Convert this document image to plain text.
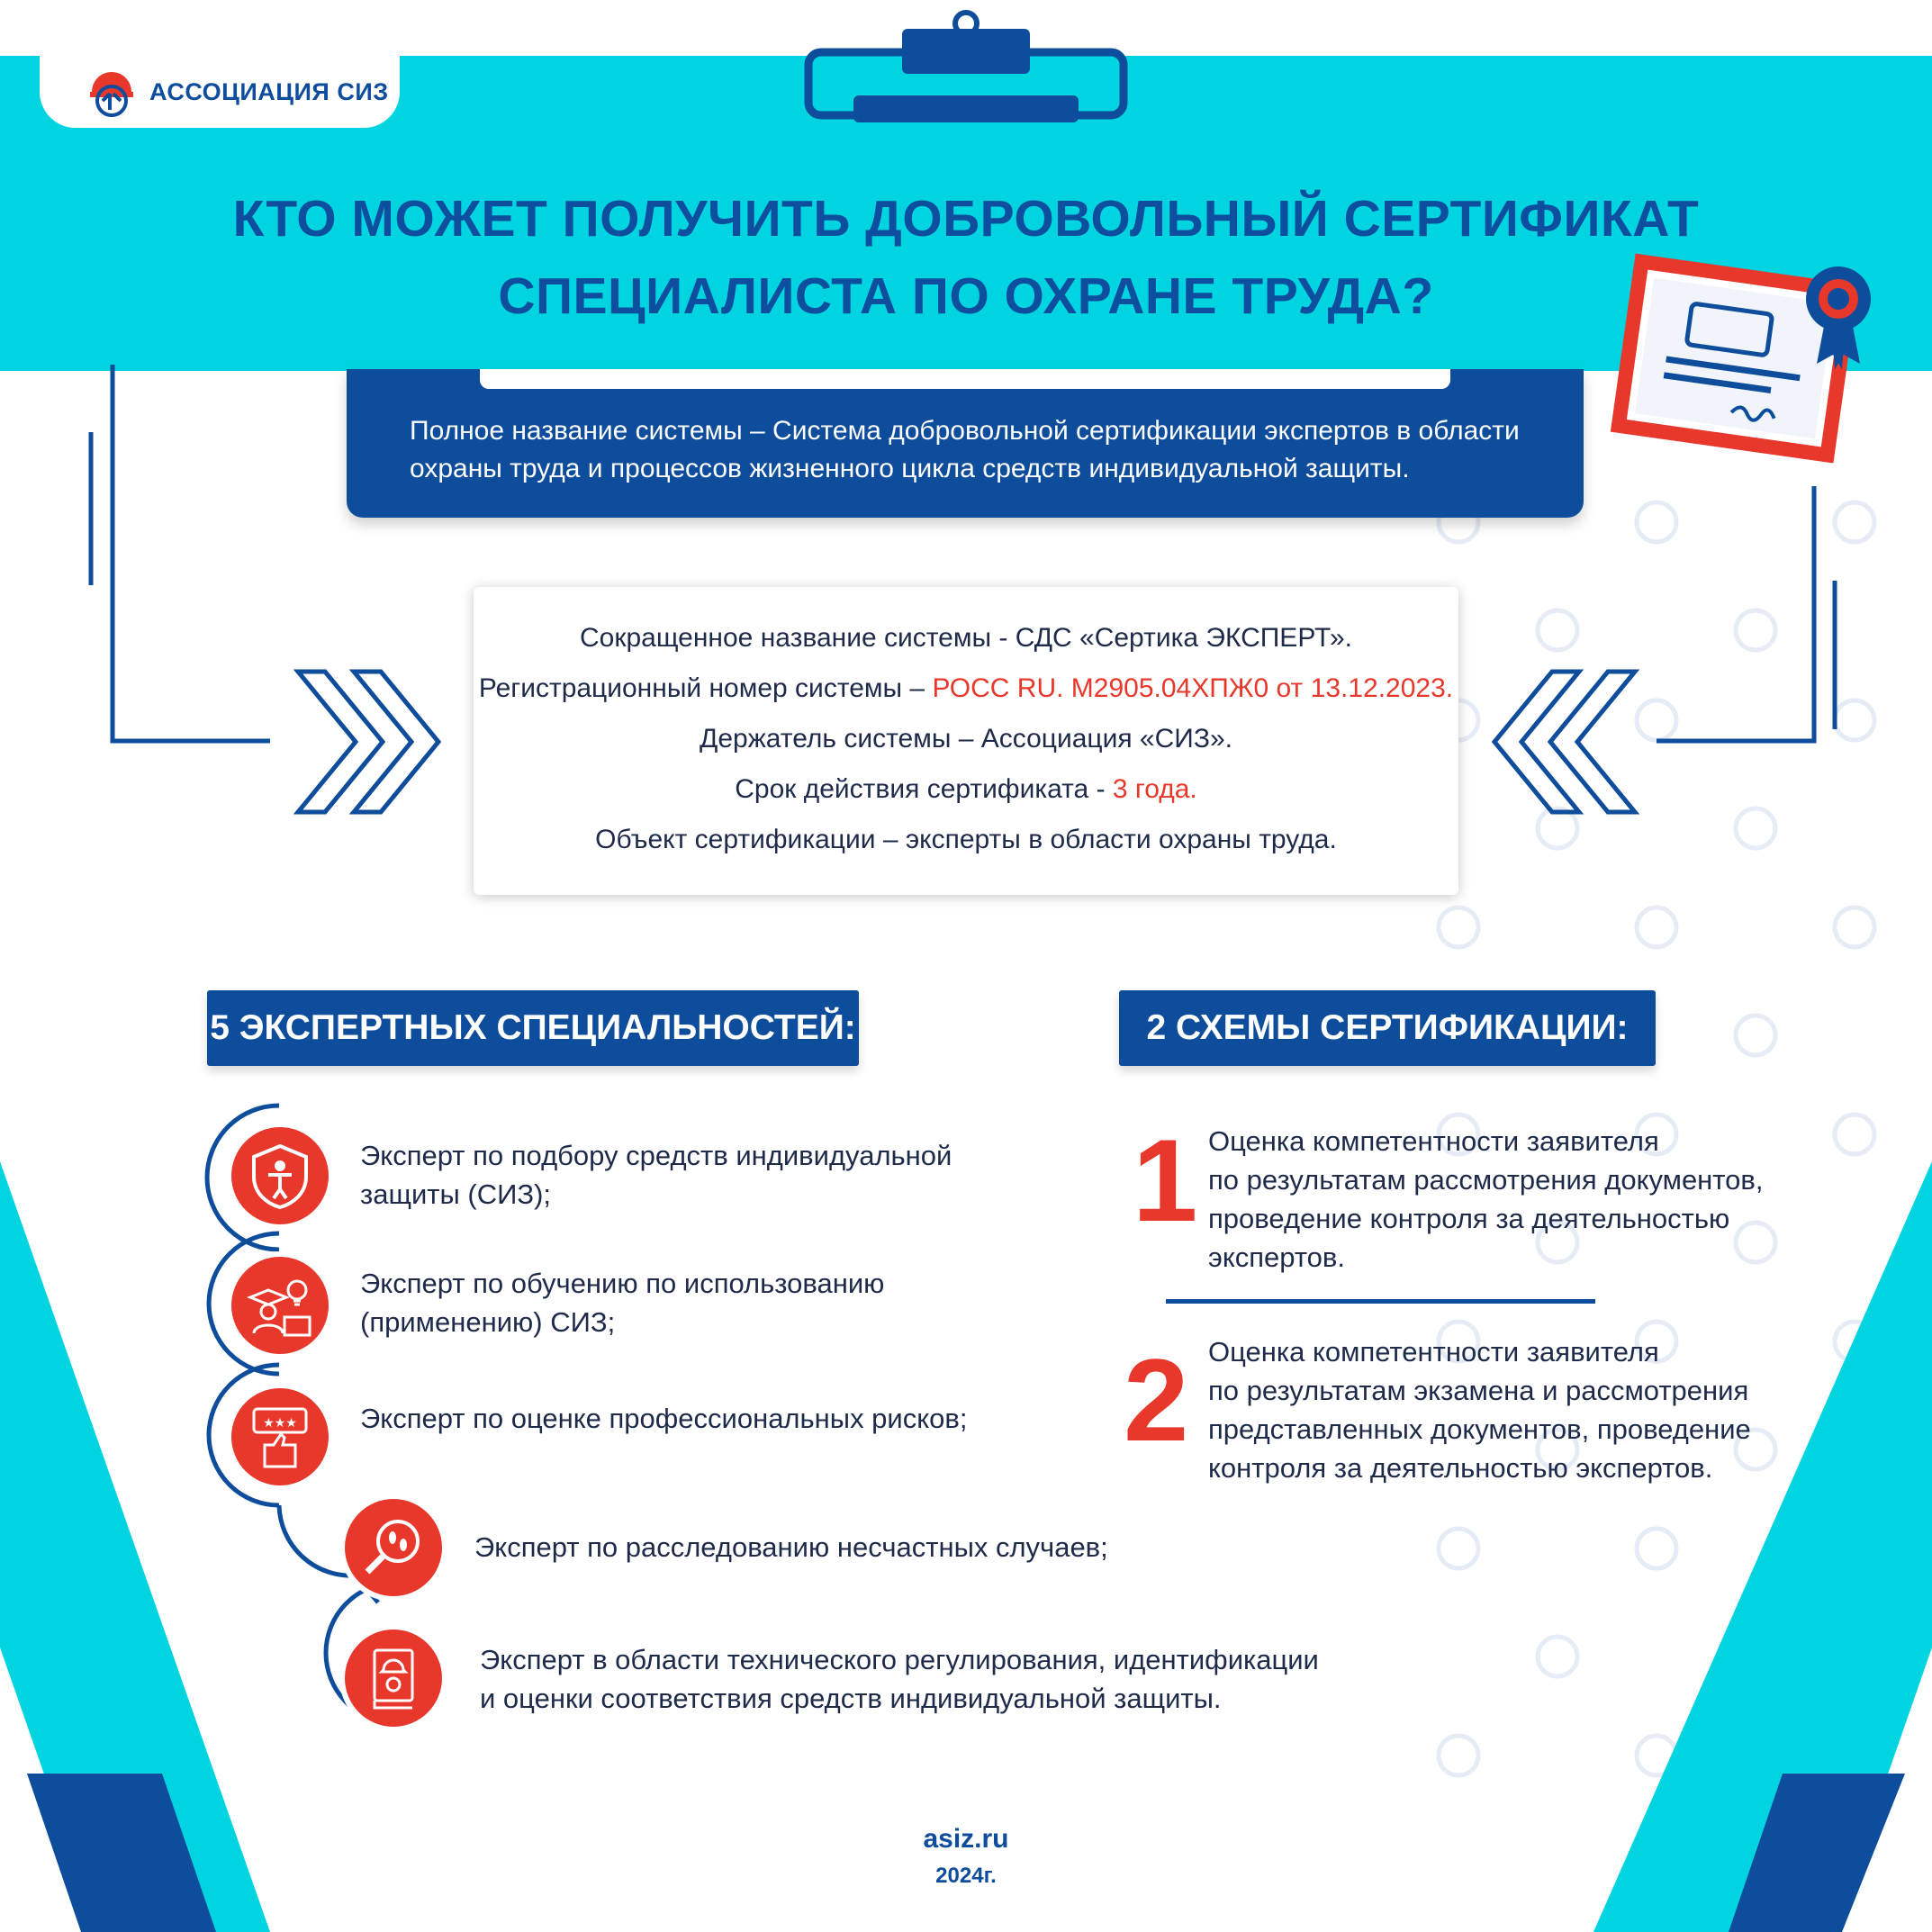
АССОЦИАЦИЯ СИЗ
КТО МОЖЕТ ПОЛУЧИТЬ ДОБРОВОЛЬНЫЙ СЕРТИФИКАТ
СПЕЦИАЛИСТА ПО ОХРАНЕ ТРУДА?
Полное название системы – Система добровольной сертификации экспертов в области
охраны труда и процессов жизненного цикла средств индивидуальной защиты.
Сокращенное название системы - СДС «Сертика ЭКСПЕРТ».
Регистрационный номер системы – РОСС RU. М2905.04ХПЖ0 от 13.12.2023.
Держатель системы – Ассоциация «СИЗ».
Срок действия сертификата - 3 года.
Объект сертификации – эксперты в области охраны труда.
5 ЭКСПЕРТНЫХ СПЕЦИАЛЬНОСТЕЙ:	2 СХЕМЫ СЕРТИФИКАЦИИ:
Эксперт по подбору средств индивидуальной
защиты (СИЗ);
Эксперт по обучению по использованию
(применению) СИЗ;
★★★ Эксперт по оценке профессиональных рисков;
Эксперт по расследованию несчастных случаев;
Эксперт в области технического регулирования, идентификации
и оценки соответствия средств индивидуальной защиты.
1 Оценка компетентности заявителя
по результатам рассмотрения документов,
проведение контроля за деятельностью
экспертов.
2 Оценка компетентности заявителя
по результатам экзамена и рассмотрения
представленных документов, проведение
контроля за деятельностью экспертов.
asiz.ru
2024г.
